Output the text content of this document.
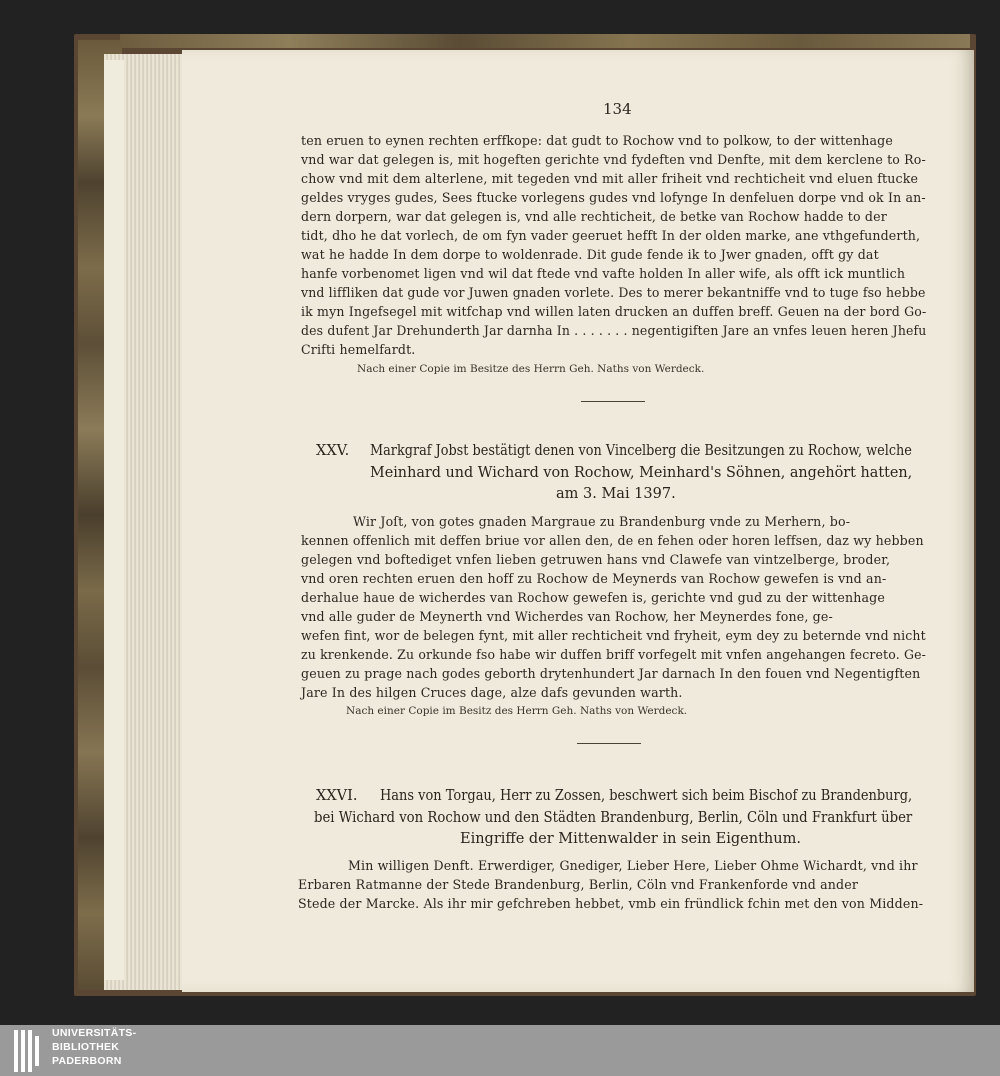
134
ten eruen to eynen rechten erffkope: dat gudt to Rochow vnd to polkow, to der wittenhage
vnd war dat gelegen is, mit hogeften gerichte vnd fydeften vnd Denfte, mit dem kerclene to Ro-
chow vnd mit dem alterlene, mit tegeden vnd mit aller friheit vnd rechticheit vnd eluen ftucke
geldes vryges gudes, Sees ftucke vorlegens gudes vnd lofynge In denfeluen dorpe vnd ok In an-
dern dorpern, war dat gelegen is, vnd alle rechticheit, de betke van Rochow hadde to der
tidt, dho he dat vorlech, de om fyn vader geeruet hefft In der olden marke, ane vthgefunderth,
wat he hadde In dem dorpe to woldenrade. Dit gude fende ik to Jwer gnaden, offt gy dat
hanfe vorbenomet ligen vnd wil dat ftede vnd vafte holden In aller wife, als offt ick muntlich
vnd lifflikеn dat gude vor Juwen gnaden vorlete. Des to merer bekantniffe vnd to tuge fso hebbe
ik myn Ingefsegel mit witfchap vnd willen laten drucken an duffen breff. Geuen na der bord Go-
des dufent Jar Drehunderth Jar darnha In . . . . . . . negentigiften Jare an vnfes leuen heren Jhefu
Crifti hemelfardt.
Nach einer Copie im Besitze des Herrn Geh. Naths von Werdeck.
XXV. Markgraf Jobst bestätigt denen von Vincelberg die Besitzungen zu Rochow, welche
Meinhard und Wichard von Rochow, Meinhard's Söhnen, angehört hatten,
am 3. Mai 1397.
Wir Joſt, von gotes gnaden Margraue zu Brandenburg vnde zu Merhern, bo-
kennen offenlich mit deffen briue vor allen den, de en fehen oder horen leffsen, daz wy hebben
gelegen vnd boftediget vnfen lieben getruwen hans vnd Clawefe van vintzelberge, broder,
vnd oren rechten eruen den hoff zu Rochow de Meynerds van Rochow gewefen is vnd an-
derhalue haue de wicherdes van Rochow gewefen is, gerichte vnd gud zu der wittenhage
vnd alle guder de Meynerth vnd Wicherdes van Rochow, her Meynerdes fone, ge-
wefen fint, wor de belegen fynt, mit aller rechticheit vnd fryheit, eym dey zu beternde vnd nicht
zu krenkende. Zu orkunde fso habe wir duffen briff vorfegelt mit vnfen angehangen fecreto. Ge-
geuen zu prage nach godes geborth drytenhundert Jar darnach In den fouen vnd Negentigften
Jare In des hilgen Cruces dage, alze dafs gevunden warth.
Nach einer Copie im Besitz des Herrn Geh. Naths von Werdeck.
XXVI. Hans von Torgau, Herr zu Zossen, beschwert sich beim Bischof zu Brandenburg,
bei Wichard von Rochow und den Städten Brandenburg, Berlin, Cöln und Frankfurt über
Eingriffe der Mittenwalder in sein Eigenthum.
Min willigen Denft. Erwerdiger, Gnediger, Lieber Here, Lieber Ohme Wichardt, vnd ihr
Erbaren Ratmanne der Stede Brandenburg, Berlin, Cöln vnd Frankenforde vnd ander
Stede der Marcke. Als ihr mir gefchreben hebbet, vmb ein fründlick fchin met den von Midden-
UNIVERSITÄTS-
BIBLIOTHEK
PADERBORN
